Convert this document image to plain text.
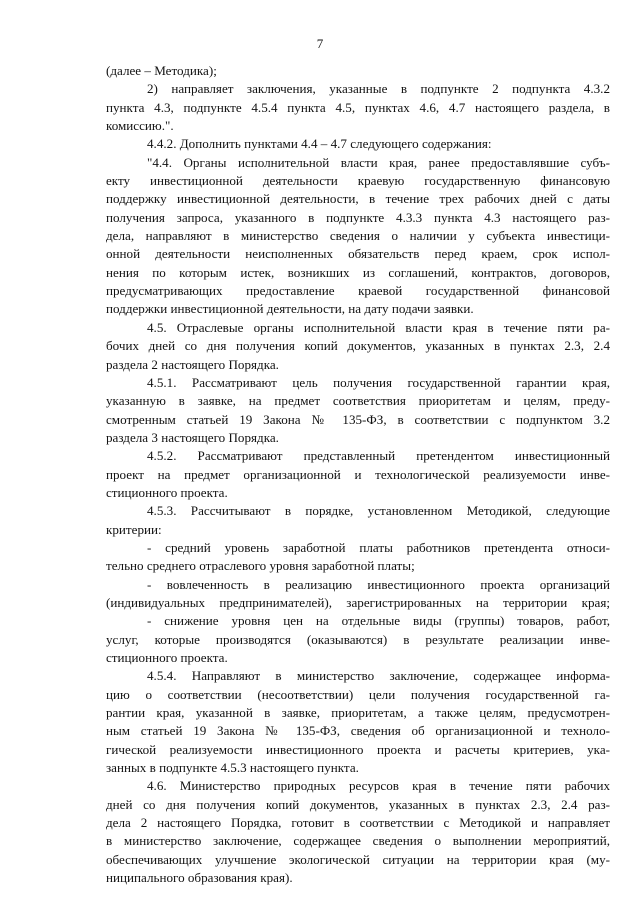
7
(далее – Методика);
2) направляет заключения, указанные в подпункте 2 подпункта 4.3.2
пункта 4.3, подпункте 4.5.4 пункта 4.5, пунктах 4.6, 4.7 настоящего раздела, в
комиссию.".
4.4.2. Дополнить пунктами 4.4 – 4.7 следующего содержания:
"4.4. Органы исполнительной власти края, ранее предоставлявшие субъ-
екту инвестиционной деятельности краевую государственную финансовую
поддержку инвестиционной деятельности, в течение трех рабочих дней с даты
получения запроса, указанного в подпункте 4.3.3 пункта 4.3 настоящего раз-
дела, направляют в министерство сведения о наличии у субъекта инвестици-
онной деятельности неисполненных обязательств перед краем, срок испол-
нения по которым истек, возникших из соглашений, контрактов, договоров,
предусматривающих предоставление краевой государственной финансовой
поддержки инвестиционной деятельности, на дату подачи заявки.
4.5. Отраслевые органы исполнительной власти края в течение пяти ра-
бочих дней со дня получения копий документов, указанных в пунктах 2.3, 2.4
раздела 2 настоящего Порядка.
4.5.1. Рассматривают цель получения государственной гарантии края,
указанную в заявке, на предмет соответствия приоритетам и целям, преду-
смотренным статьей 19 Закона № 135-ФЗ, в соответствии с подпунктом 3.2
раздела 3 настоящего Порядка.
4.5.2. Рассматривают представленный претендентом инвестиционный
проект на предмет организационной и технологической реализуемости инве-
стиционного проекта.
4.5.3. Рассчитывают в порядке, установленном Методикой, следующие
критерии:
- средний уровень заработной платы работников претендента относи-
тельно среднего отраслевого уровня заработной платы;
- вовлеченность в реализацию инвестиционного проекта организаций
(индивидуальных предпринимателей), зарегистрированных на территории края;
- снижение уровня цен на отдельные виды (группы) товаров, работ,
услуг, которые производятся (оказываются) в результате реализации инве-
стиционного проекта.
4.5.4. Направляют в министерство заключение, содержащее информа-
цию о соответствии (несоответствии) цели получения государственной га-
рантии края, указанной в заявке, приоритетам, а также целям, предусмотрен-
ным статьей 19 Закона № 135-ФЗ, сведения об организационной и техноло-
гической реализуемости инвестиционного проекта и расчеты критериев, ука-
занных в подпункте 4.5.3 настоящего пункта.
4.6. Министерство природных ресурсов края в течение пяти рабочих
дней со дня получения копий документов, указанных в пунктах 2.3, 2.4 раз-
дела 2 настоящего Порядка, готовит в соответствии с Методикой и направляет
в министерство заключение, содержащее сведения о выполнении мероприятий,
обеспечивающих улучшение экологической ситуации на территории края (му-
ниципального образования края).
